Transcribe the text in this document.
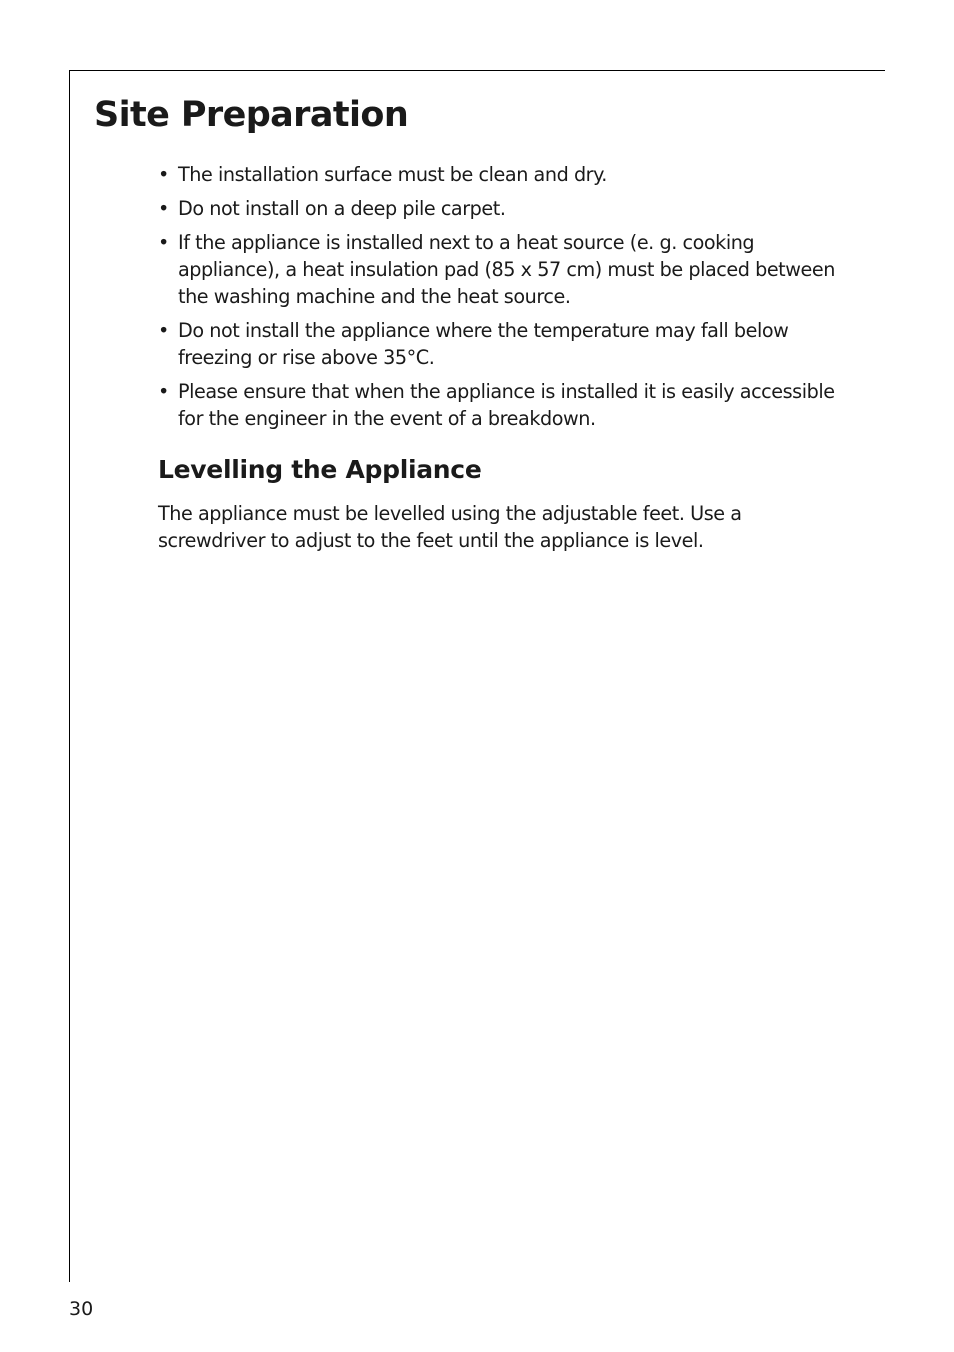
Site Preparation
• The installation surface must be clean and dry.
• Do not install on a deep pile carpet.
• If the appliance is installed next to a heat source (e. g. cooking appliance), a heat insulation pad (85 x 57 cm) must be placed between the washing machine and the heat source.
• Do not install the appliance where the temperature may fall below freezing or rise above 35°C.
• Please ensure that when the appliance is installed it is easily accessible for the engineer in the event of a breakdown.
Levelling the Appliance

The appliance must be levelled using the adjustable feet. Use a screwdriver to adjust to the feet until the appliance is level.

30
